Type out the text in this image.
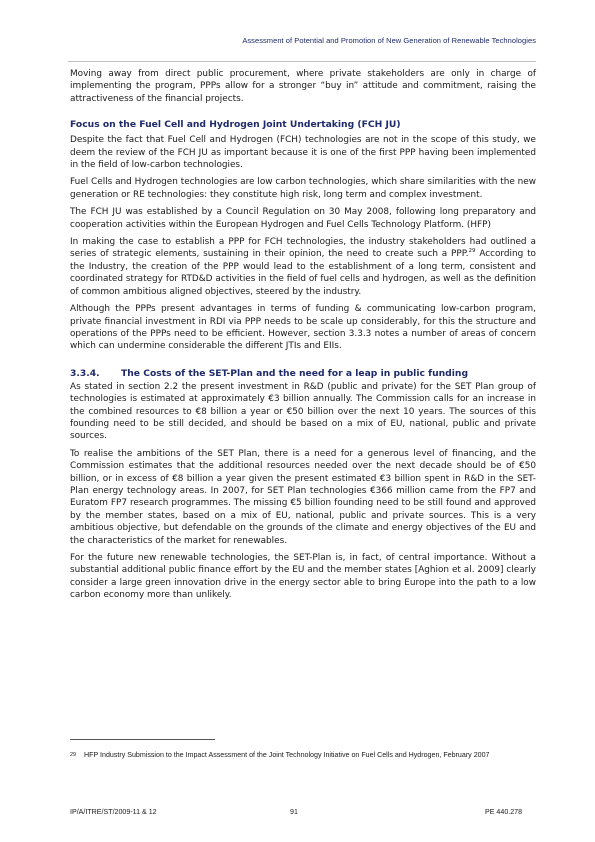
Assessment of Potential and Promotion of New Generation of Renewable Technologies

Moving away from direct public procurement, where private stakeholders are only in charge of implementing the program, PPPs allow for a stronger “buy in” attitude and commitment, raising the attractiveness of the financial projects.

Focus on the Fuel Cell and Hydrogen Joint Undertaking (FCH JU)

Despite the fact that Fuel Cell and Hydrogen (FCH) technologies are not in the scope of this study, we deem the review of the FCH JU as important because it is one of the first PPP having been implemented in the field of low-carbon technologies.

Fuel Cells and Hydrogen technologies are low carbon technologies, which share similarities with the new generation or RE technologies: they constitute high risk, long term and complex investment.

The FCH JU was established by a Council Regulation on 30 May 2008, following long preparatory and cooperation activities within the European Hydrogen and Fuel Cells Technology Platform. (HFP)

In making the case to establish a PPP for FCH technologies, the industry stakeholders had outlined a series of strategic elements, sustaining in their opinion, the need to create such a PPP.$^{29}$ According to the Industry, the creation of the PPP would lead to the establishment of a long term, consistent and coordinated strategy for RTD&D activities in the field of fuel cells and hydrogen, as well as the definition of common ambitious aligned objectives, steered by the industry.

Although the PPPs present advantages in terms of funding & communicating low-carbon program, private financial investment in RDI via PPP needs to be scale up considerably, for this the structure and operations of the PPPs need to be efficient. However, section 3.3.3 notes a number of areas of concern which can undermine considerable the different JTIs and EIIs.

3.3.4. The Costs of the SET-Plan and the need for a leap in public funding

As stated in section 2.2 the present investment in R&D (public and private) for the SET Plan group of technologies is estimated at approximately €3 billion annually. The Commission calls for an increase in the combined resources to €8 billion a year or €50 billion over the next 10 years. The sources of this founding need to be still decided, and should be based on a mix of EU, national, public and private sources.

To realise the ambitions of the SET Plan, there is a need for a generous level of financing, and the Commission estimates that the additional resources needed over the next decade should be of €50 billion, or in excess of €8 billion a year given the present estimated €3 billion spent in R&D in the SET-Plan energy technology areas. In 2007, for SET Plan technologies €366 million came from the FP7 and Euratom FP7 research programmes. The missing €5 billion founding need to be still found and approved by the member states, based on a mix of EU, national, public and private sources. This is a very ambitious objective, but defendable on the grounds of the climate and energy objectives of the EU and the characteristics of the market for renewables.

For the future new renewable technologies, the SET-Plan is, in fact, of central importance. Without a substantial additional public finance effort by the EU and the member states [Aghion et al. 2009] clearly consider a large green innovation drive in the energy sector able to bring Europe into the path to a low carbon economy more than unlikely.

29	HFP Industry Submission to the Impact Assessment of the Joint Technology Initiative on Fuel Cells and Hydrogen, February 2007
IP/A/ITRE/ST/2009-11 & 12	91	PE 440.278
